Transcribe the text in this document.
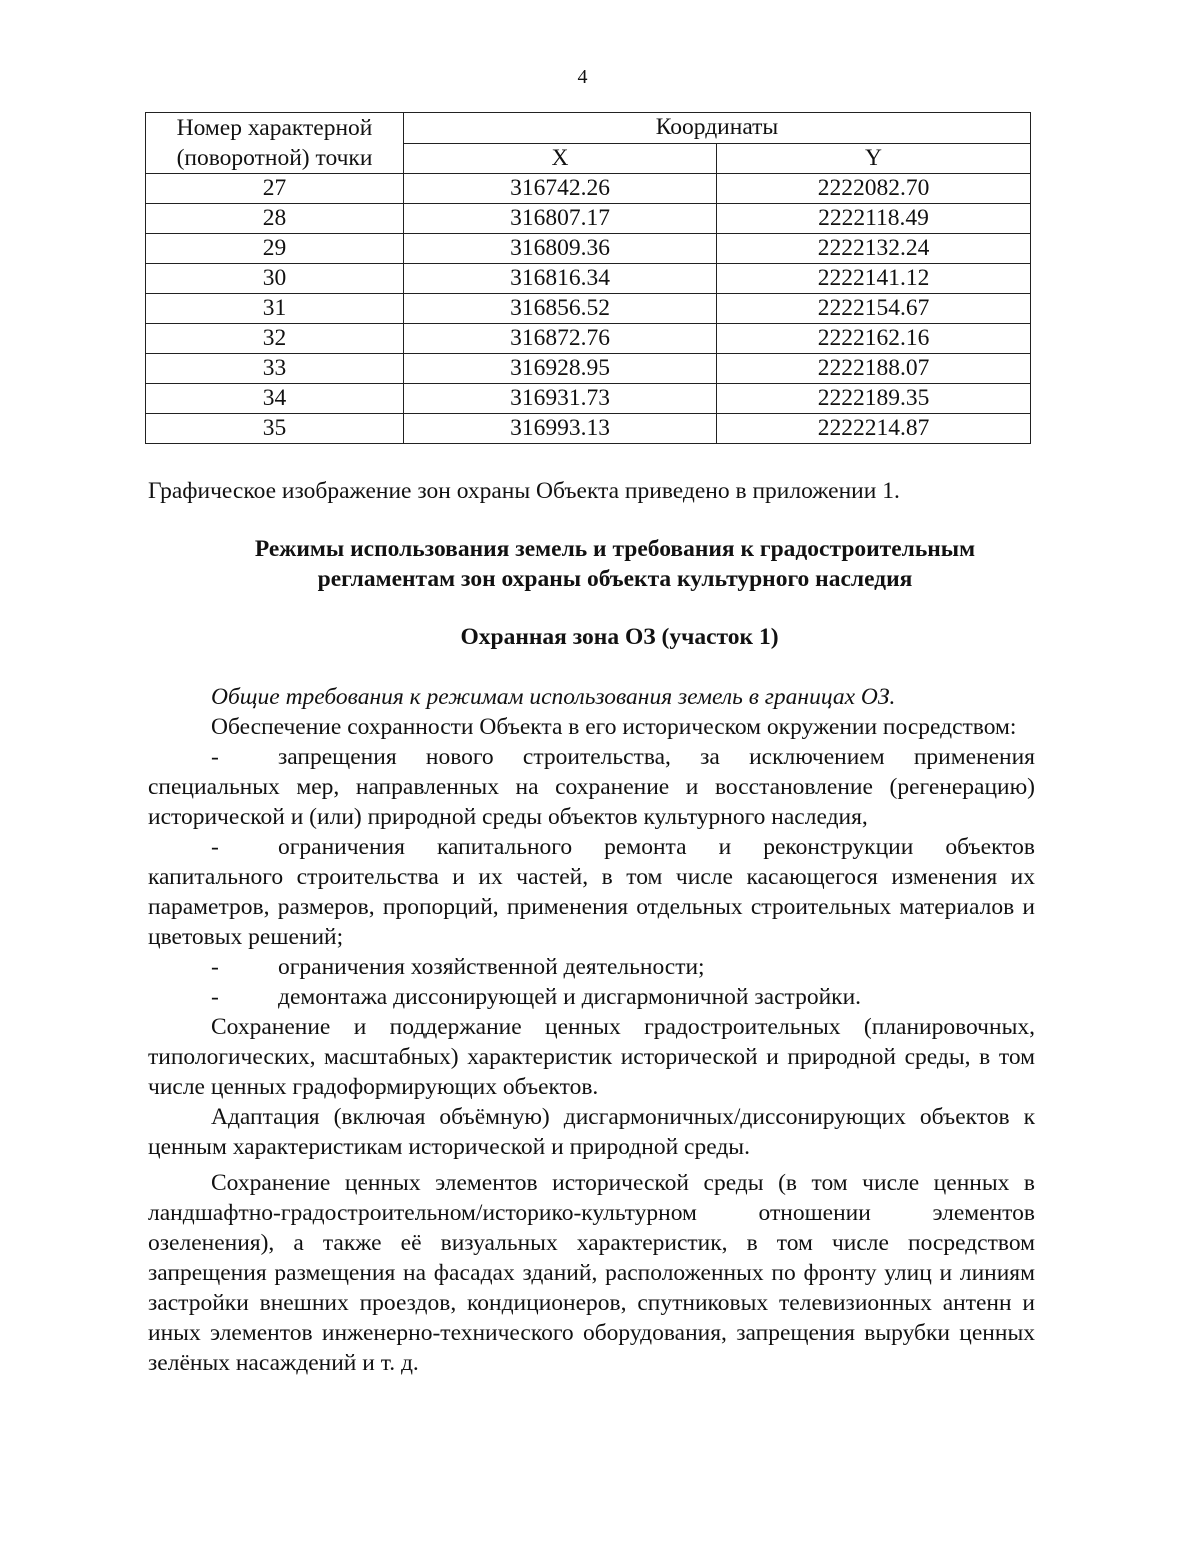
4
Номер характерной (поворотной) точки	Координаты	
	X	Y
27	316742.26	2222082.70
28	316807.17	2222118.49
29	316809.36	2222132.24
30	316816.34	2222141.12
31	316856.52	2222154.67
32	316872.76	2222162.16
33	316928.95	2222188.07
34	316931.73	2222189.35
35	316993.13	2222214.87
Графическое изображение зон охраны Объекта приведено в приложении 1.
Режимы использования земель и требования к градостроительным регламентам зон охраны объекта культурного наследия
Охранная зона ОЗ (участок 1)

Общие требования к режимам использования земель в границах ОЗ.

Обеспечение сохранности Объекта в его историческом окружении посредством:

-	запрещения нового строительства, за исключением применения специальных мер, направленных на сохранение и восстановление (регенерацию) исторической и (или) природной среды объектов культурного наследия,

-	ограничения капитального ремонта и реконструкции объектов капитального строительства и их частей, в том числе касающегося изменения их параметров, размеров, пропорций, применения отдельных строительных материалов и цветовых решений;

-	ограничения хозяйственной деятельности;

-	демонтажа диссонирующей и дисгармоничной застройки.

Сохранение и поддержание ценных градостроительных (планировочных, типологических, масштабных) характеристик исторической и природной среды, в том числе ценных градоформирующих объектов.

Адаптация (включая объёмную) дисгармоничных/диссонирующих объектов к ценным характеристикам исторической и природной среды.

Сохранение ценных элементов исторической среды (в том числе ценных в ландшафтно-градостроительном/историко-культурном отношении элементов озеленения), а также её визуальных характеристик, в том числе посредством запрещения размещения на фасадах зданий, расположенных по фронту улиц и линиям застройки внешних проездов, кондиционеров, спутниковых телевизионных антенн и иных элементов инженерно-технического оборудования, запрещения вырубки ценных зелёных насаждений и т. д.
